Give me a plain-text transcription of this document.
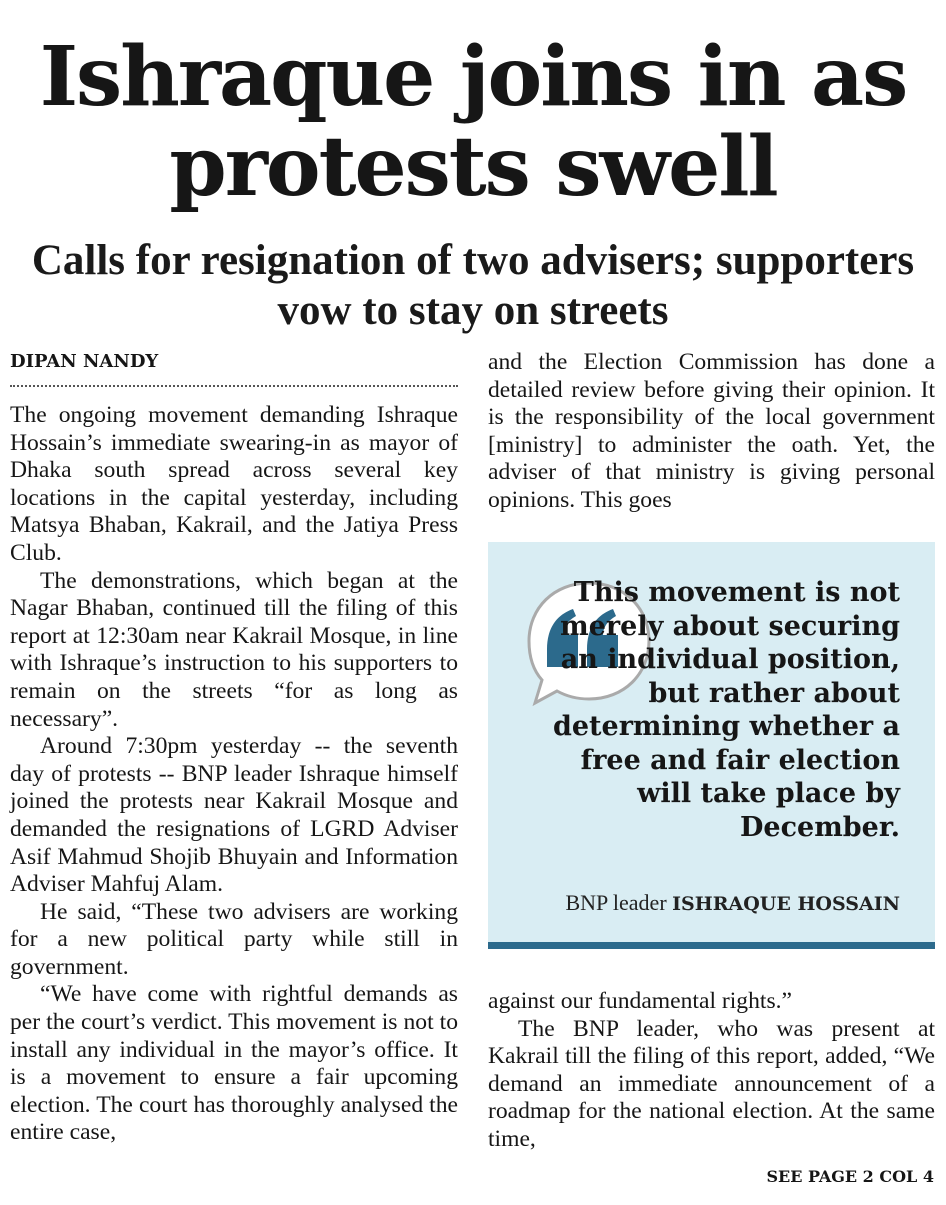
Ishraque joins in as protests swell
Calls for resignation of two advisers; supporters vow to stay on streets
DIPAN NANDY

The ongoing movement demanding Ishraque Hossain’s immediate swearing-in as mayor of Dhaka south spread across several key locations in the capital yesterday, including Matsya Bhaban, Kakrail, and the Jatiya Press Club.

The demonstrations, which began at the Nagar Bhaban, continued till the filing of this report at 12:30am near Kakrail Mosque, in line with Ishraque’s instruction to his supporters to remain on the streets “for as long as necessary”.

Around 7:30pm yesterday -- the seventh day of protests -- BNP leader Ishraque himself joined the protests near Kakrail Mosque and demanded the resignations of LGRD Adviser Asif Mahmud Shojib Bhuyain and Information Adviser Mahfuj Alam.

He said, “These two advisers are working for a new political party while still in government.

“We have come with rightful demands as per the court’s verdict. This movement is not to install any individual in the mayor’s office. It is a movement to ensure a fair upcoming election. The court has thoroughly analysed the entire case,

and the Election Commission has done a detailed review before giving their opinion. It is the responsibility of the local government [ministry] to administer the oath. Yet, the adviser of that ministry is giving personal opinions. This goes

This movement is not merely about securing an individual position, but rather about determining whether a free and fair election will take place by December.
BNP leader ISHRAQUE HOSSAIN

against our fundamental rights.”

The BNP leader, who was present at Kakrail till the filing of this report, added, “We demand an immediate announcement of a roadmap for the national election. At the same time,

SEE PAGE 2 COL 4
